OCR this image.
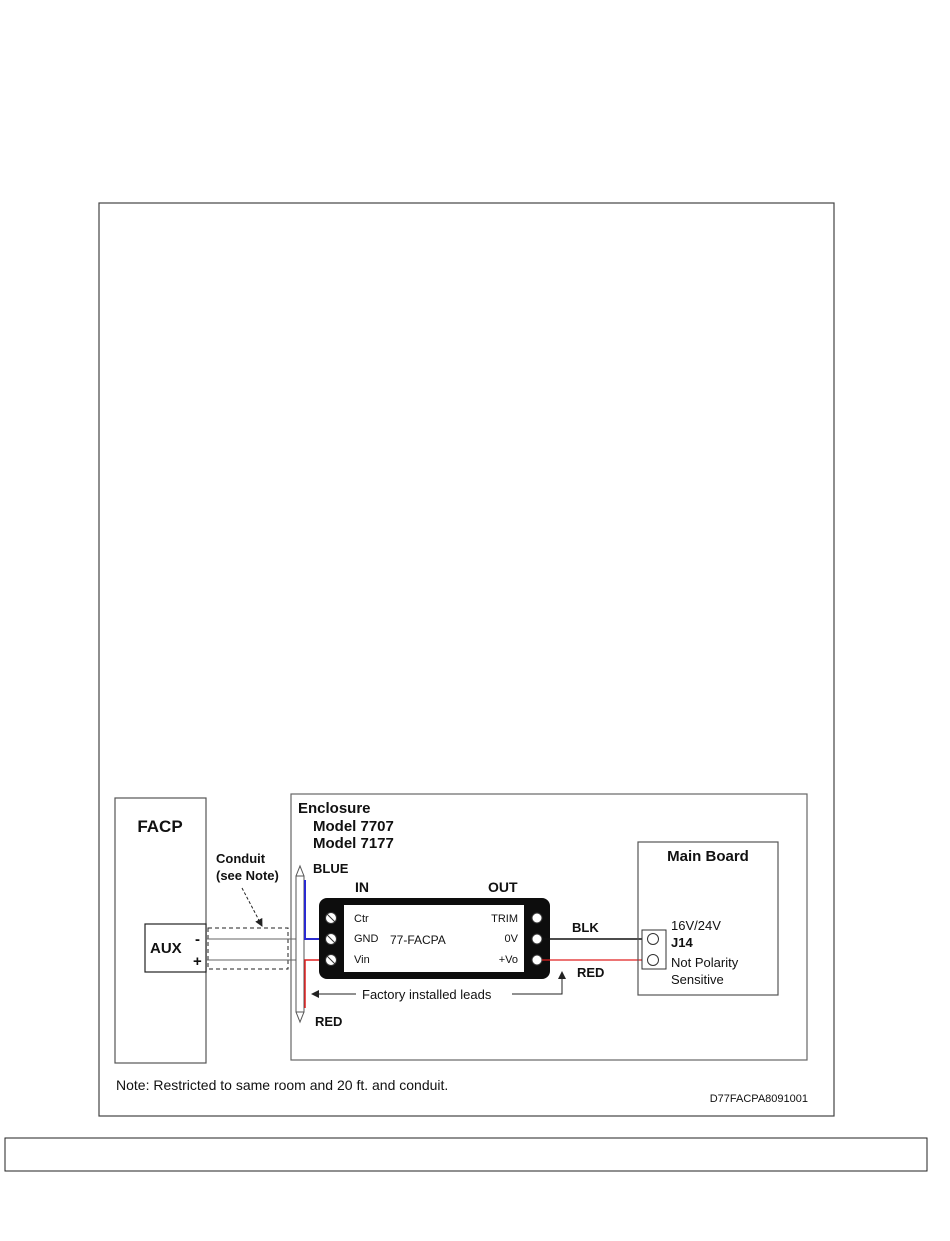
FACP
AUX
-
+
Conduit
(see Note)
Enclosure
Model 7707
Model 7177
BLUE
RED
IN	OUT
77-FACPA
Ctr
GND
Vin
TRIM
0V
+Vo
BLK
RED
Factory installed leads
Main Board
16V/24V
J14
Not Polarity
Sensitive
Note: Restricted to same room and 20 ft. and conduit.
D77FACPA8091001
